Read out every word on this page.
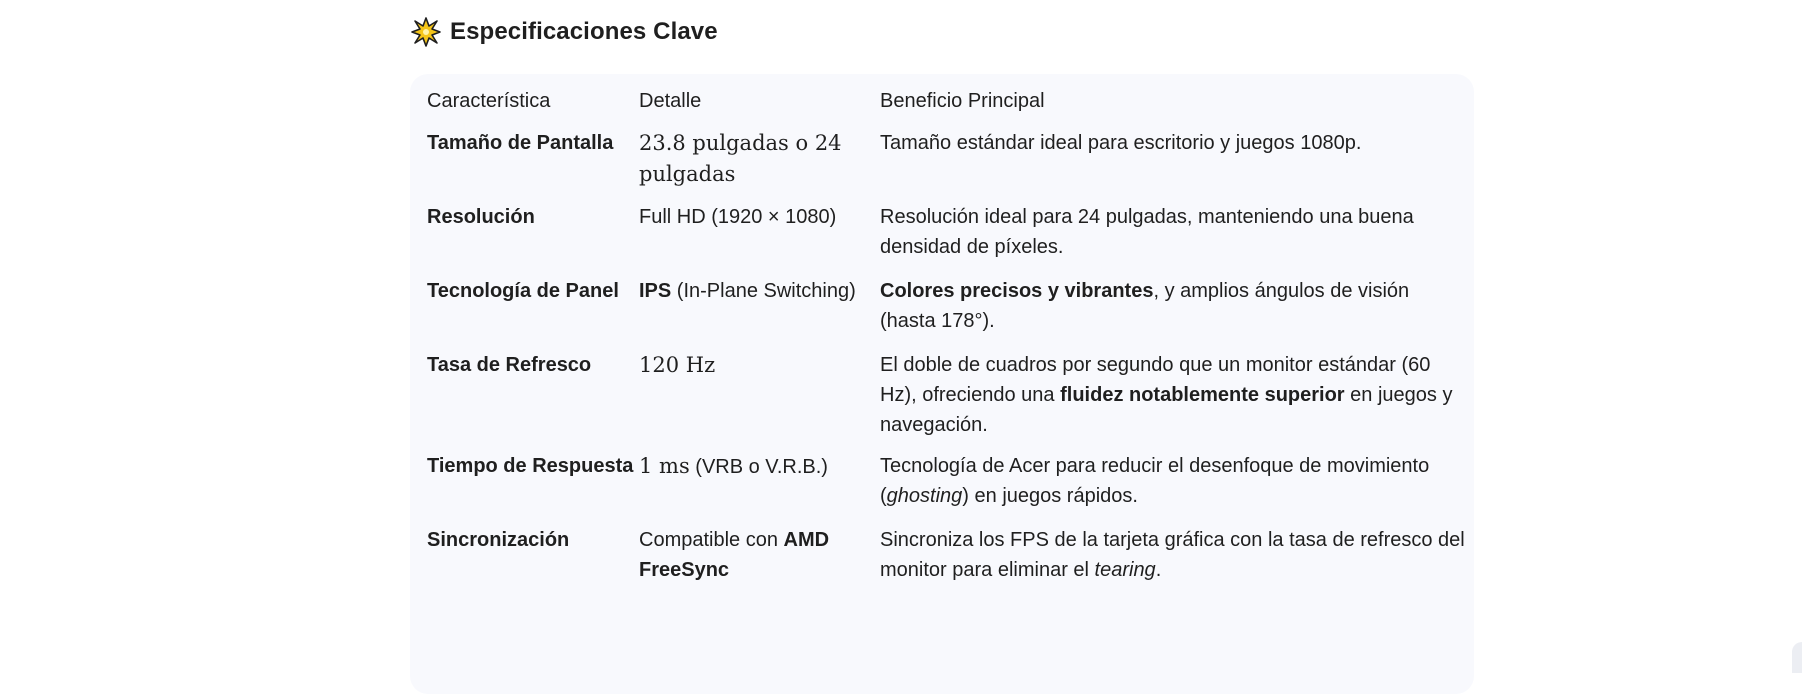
Especificaciones Clave
Característica	Detalle	Beneficio Principal
Tamaño de Pantalla	23.8 pulgadas o 24 pulgadas	Tamaño estándar ideal para escritorio y juegos 1080p.
Resolución	Full HD (1920 × 1080)	Resolución ideal para 24 pulgadas, manteniendo una buena densidad de píxeles.
Tecnología de Panel	IPS (In-Plane Switching)	Colores precisos y vibrantes, y amplios ángulos de visión (hasta 178°).
Tasa de Refresco	120 Hz	El doble de cuadros por segundo que un monitor estándar (60 Hz), ofreciendo una fluidez notablemente superior en juegos y navegación.
Tiempo de Respuesta	1 ms (VRB o V.R.B.)	Tecnología de Acer para reducir el desenfoque de movimiento (ghosting) en juegos rápidos.
Sincronización	Compatible con AMD FreeSync	Sincroniza los FPS de la tarjeta gráfica con la tasa de refresco del monitor para eliminar el tearing.
